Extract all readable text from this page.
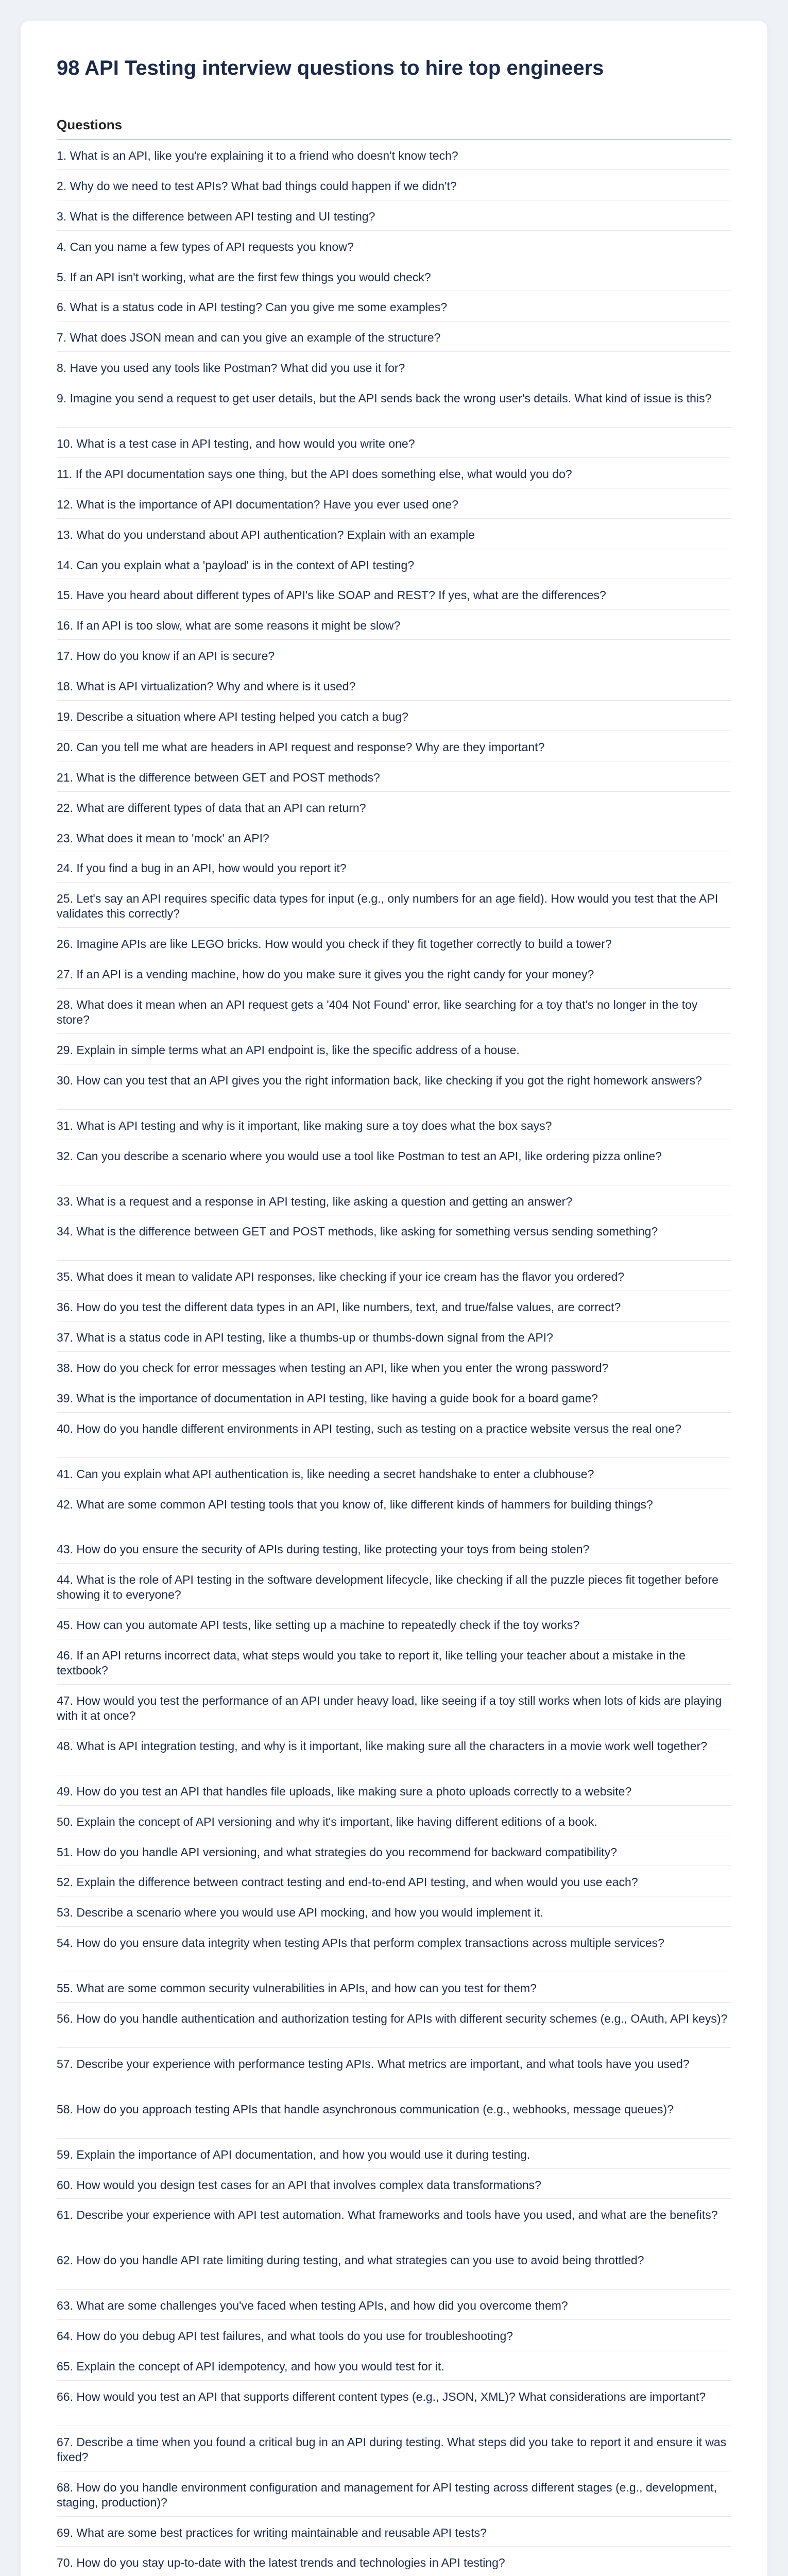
98 API Testing interview questions to hire top engineers
Questions
1. What is an API, like you're explaining it to a friend who doesn't know tech?
2. Why do we need to test APIs? What bad things could happen if we didn't?
3. What is the difference between API testing and UI testing?
4. Can you name a few types of API requests you know?
5. If an API isn't working, what are the first few things you would check?
6. What is a status code in API testing? Can you give me some examples?
7. What does JSON mean and can you give an example of the structure?
8. Have you used any tools like Postman? What did you use it for?
9. Imagine you send a request to get user details, but the API sends back the wrong user's details. What kind of issue is this?
10. What is a test case in API testing, and how would you write one?
11. If the API documentation says one thing, but the API does something else, what would you do?
12. What is the importance of API documentation? Have you ever used one?
13. What do you understand about API authentication? Explain with an example
14. Can you explain what a 'payload' is in the context of API testing?
15. Have you heard about different types of API's like SOAP and REST? If yes, what are the differences?
16. If an API is too slow, what are some reasons it might be slow?
17. How do you know if an API is secure?
18. What is API virtualization? Why and where is it used?
19. Describe a situation where API testing helped you catch a bug?
20. Can you tell me what are headers in API request and response? Why are they important?
21. What is the difference between GET and POST methods?
22. What are different types of data that an API can return?
23. What does it mean to 'mock' an API?
24. If you find a bug in an API, how would you report it?
25. Let's say an API requires specific data types for input (e.g., only numbers for an age field). How would you test that the API validates this correctly?
26. Imagine APIs are like LEGO bricks. How would you check if they fit together correctly to build a tower?
27. If an API is a vending machine, how do you make sure it gives you the right candy for your money?
28. What does it mean when an API request gets a '404 Not Found' error, like searching for a toy that's no longer in the toy store?
29. Explain in simple terms what an API endpoint is, like the specific address of a house.
30. How can you test that an API gives you the right information back, like checking if you got the right homework answers?
31. What is API testing and why is it important, like making sure a toy does what the box says?
32. Can you describe a scenario where you would use a tool like Postman to test an API, like ordering pizza online?
33. What is a request and a response in API testing, like asking a question and getting an answer?
34. What is the difference between GET and POST methods, like asking for something versus sending something?
35. What does it mean to validate API responses, like checking if your ice cream has the flavor you ordered?
36. How do you test the different data types in an API, like numbers, text, and true/false values, are correct?
37. What is a status code in API testing, like a thumbs-up or thumbs-down signal from the API?
38. How do you check for error messages when testing an API, like when you enter the wrong password?
39. What is the importance of documentation in API testing, like having a guide book for a board game?
40. How do you handle different environments in API testing, such as testing on a practice website versus the real one?
41. Can you explain what API authentication is, like needing a secret handshake to enter a clubhouse?
42. What are some common API testing tools that you know of, like different kinds of hammers for building things?
43. How do you ensure the security of APIs during testing, like protecting your toys from being stolen?
44. What is the role of API testing in the software development lifecycle, like checking if all the puzzle pieces fit together before showing it to everyone?
45. How can you automate API tests, like setting up a machine to repeatedly check if the toy works?
46. If an API returns incorrect data, what steps would you take to report it, like telling your teacher about a mistake in the textbook?
47. How would you test the performance of an API under heavy load, like seeing if a toy still works when lots of kids are playing with it at once?
48. What is API integration testing, and why is it important, like making sure all the characters in a movie work well together?
49. How do you test an API that handles file uploads, like making sure a photo uploads correctly to a website?
50. Explain the concept of API versioning and why it's important, like having different editions of a book.
51. How do you handle API versioning, and what strategies do you recommend for backward compatibility?
52. Explain the difference between contract testing and end-to-end API testing, and when would you use each?
53. Describe a scenario where you would use API mocking, and how you would implement it.
54. How do you ensure data integrity when testing APIs that perform complex transactions across multiple services?
55. What are some common security vulnerabilities in APIs, and how can you test for them?
56. How do you handle authentication and authorization testing for APIs with different security schemes (e.g., OAuth, API keys)?
57. Describe your experience with performance testing APIs. What metrics are important, and what tools have you used?
58. How do you approach testing APIs that handle asynchronous communication (e.g., webhooks, message queues)?
59. Explain the importance of API documentation, and how you would use it during testing.
60. How would you design test cases for an API that involves complex data transformations?
61. Describe your experience with API test automation. What frameworks and tools have you used, and what are the benefits?
62. How do you handle API rate limiting during testing, and what strategies can you use to avoid being throttled?
63. What are some challenges you've faced when testing APIs, and how did you overcome them?
64. How do you debug API test failures, and what tools do you use for troubleshooting?
65. Explain the concept of API idempotency, and how you would test for it.
66. How would you test an API that supports different content types (e.g., JSON, XML)? What considerations are important?
67. Describe a time when you found a critical bug in an API during testing. What steps did you take to report it and ensure it was fixed?
68. How do you handle environment configuration and management for API testing across different stages (e.g., development, staging, production)?
69. What are some best practices for writing maintainable and reusable API tests?
70. How do you stay up-to-date with the latest trends and technologies in API testing?
